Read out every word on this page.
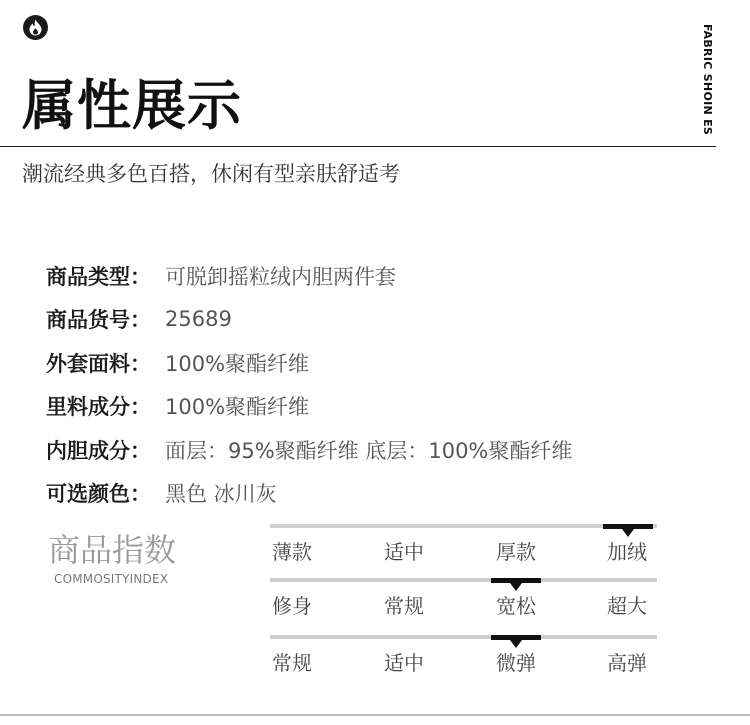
FABRIC SHOIN ES
属性展示
潮流经典多色百搭，休闲有型亲肤舒适考
商品类型 ： 可脱卸摇粒绒内胆两件套
商品货号 ： 25689
外套面料 ： 100%聚酯纤维
里料成分 ： 100%聚酯纤维
内胆成分 ： 面层：95%聚酯纤维 底层：100%聚酯纤维
可选颜色 ： 黑色 冰川灰
商品指数
COMMOSITYINDEX
薄款	适中	厚款	加绒
修身	常规	宽松	超大
常规	适中	微弹	高弹
